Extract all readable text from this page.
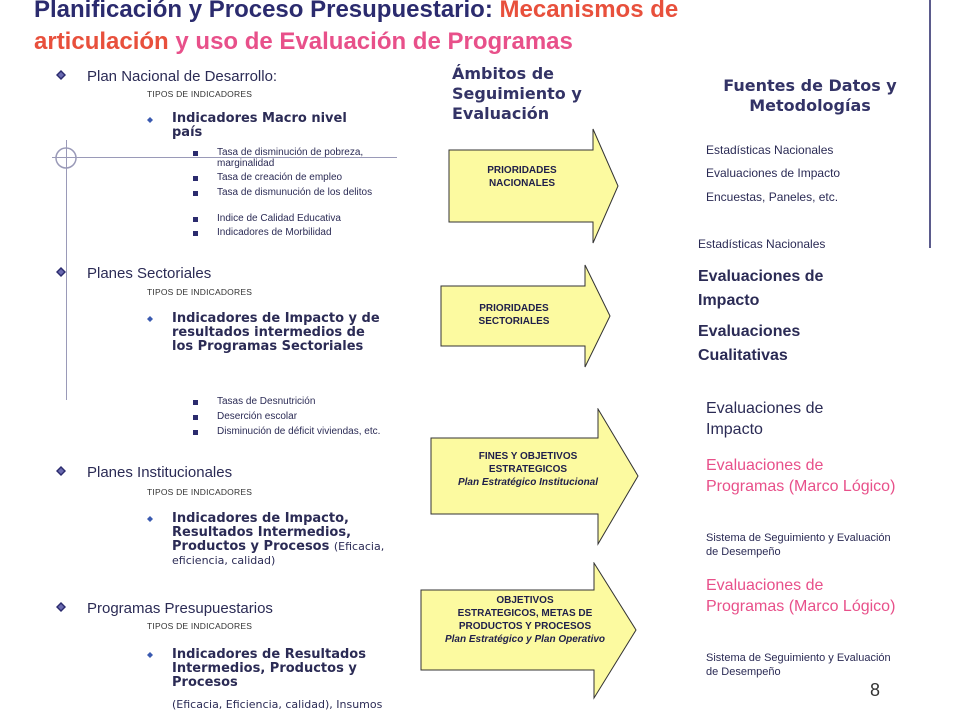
Planificación y Proceso Presupuestario: Mecanismos de
articulación y uso de Evaluación de Programas
Ámbitos de Seguimiento y Evaluación
Fuentes de Datos y Metodologías
Plan Nacional de Desarrollo:
TIPOS DE INDICADORES
Indicadores Macro nivel país
Tasa de disminución de pobreza, marginalidad
Tasa de creación de empleo
Tasa de dismunución de los delitos
Indice de Calidad Educativa
Indicadores de Morbilidad
Planes Sectoriales
TIPOS DE INDICADORES
Indicadores de Impacto y de resultados intermedios de los Programas Sectoriales
Tasas de Desnutrición
Deserción escolar
Disminución de déficit viviendas, etc.
Planes Institucionales
TIPOS DE INDICADORES
Indicadores de Impacto, Resultados Intermedios, Productos y Procesos (Eficacia, eficiencia, calidad)
Programas Presupuestarios
TIPOS DE INDICADORES
Indicadores de Resultados Intermedios, Productos y Procesos
(Eficacia, Eficiencia, calidad), Insumos
PRIORIDADES
NACIONALES
PRIORIDADES
SECTORIALES
FINES Y OBJETIVOS
ESTRATEGICOS
Plan Estratégico Institucional
OBJETIVOS
ESTRATEGICOS, METAS DE
PRODUCTOS Y PROCESOS
Plan Estratégico y Plan Operativo
Estadísticas Nacionales
Evaluaciones de Impacto
Encuestas, Paneles, etc.
Estadísticas Nacionales
Evaluaciones de Impacto
Evaluaciones Cualitativas
Evaluaciones de Impacto
Evaluaciones de Programas (Marco Lógico)
Sistema de Seguimiento y Evaluación de Desempeño
Evaluaciones de Programas (Marco Lógico)
Sistema de Seguimiento y Evaluación de Desempeño
8
